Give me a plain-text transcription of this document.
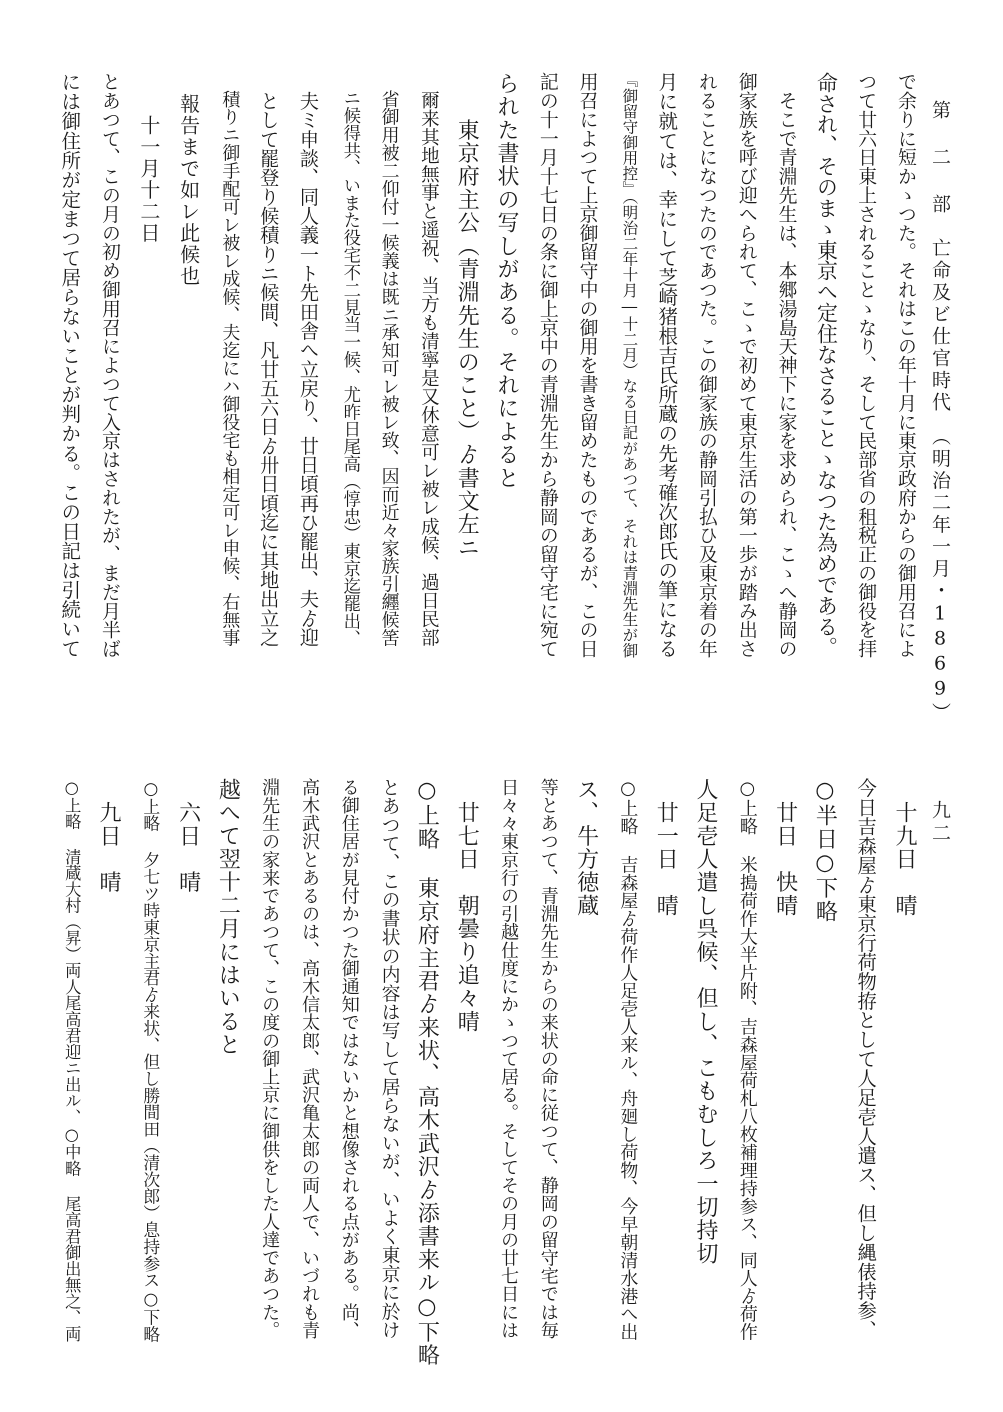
第 二 部　亡命及ビ仕官時代　（明治二年一月・1869）
九二
で余りに短かゝつた。それはこの年十月に東京政府からの御用召によ
つて廿六日東上されることゝなり、そして民部省の租税正の御役を拝
命され、そのまゝ東京へ定住なさることゝなつた為めである。
　そこで青淵先生は、本郷湯島天神下に家を求められ、こゝへ静岡の
御家族を呼び迎へられて、こゝで初めて東京生活の第一歩が踏み出さ
れることになつたのであつた。この御家族の静岡引払ひ及東京着の年
月に就ては、幸にして芝崎猪根吉氏所蔵の先考確次郎氏の筆になる
『御留守御用控』（明治二年十月―十二月）なる日記があつて、それは青淵先生が御
用召によつて上京御留守中の御用を書き留めたものであるが、この日
記の十一月十七日の条に御上京中の青淵先生から静岡の留守宅に宛て
られた書状の写しがある。それによると
　　東京府主公（青淵先生のこと）ゟ書文左ニ
　爾来其地無事と遥祝、当方も清寧是又休意可レ被レ成候、過日民部
　省御用被二仰付一候義は既ニ承知可レ被レ致、因而近々家族引纒候筈
　ニ候得共、いまた役宅不二見当一候、尤昨日尾高（惇忠）東京迄罷出、
　夫ミ申談、同人義一ト先田舎へ立戻り、廿日頃再ひ罷出、夫ゟ迎
　として罷登り候積りニ候間、凡廿五六日ゟ卅日頃迄に其地出立之
　積りニ御手配可レ被レ成候、夫迄にハ御役宅も相定可レ申候、右無事
　報告まで如レ此候也
　　十一月十二日
とあつて、この月の初め御用召によつて入京はされたが、まだ月半ば
には御住所が定まつて居らないことが判かる。この日記は引続いて
　十九日　晴
今日吉森屋ゟ東京行荷物拵として人足壱人遣ス、但し縄俵持参、
○半日○下略
　廿日　快晴
○上略 米搗荷作大半片附、吉森屋荷札八枚補理持参ス、同人ゟ荷作
人足壱人遣し呉候、但し、こもむしろ一切持切
　廿一日　晴
○上略 吉森屋ゟ荷作人足壱人来ル、舟廻し荷物、今早朝清水港へ出
ス、牛方徳蔵
等とあつて、青淵先生からの来状の命に従つて、静岡の留守宅では毎
日々々東京行の引越仕度にかゝつて居る。そしてその月の廿七日には
　廿七日　朝曇り追々晴
○上略 東京府主君ゟ来状、高木武沢ゟ添書来ル○下略
とあつて、この書状の内容は写して居らないが、いよく東京に於け
る御住居が見付かつた御通知ではないかと想像される点がある。尚、
高木武沢とあるのは、高木信太郎、武沢亀太郎の両人で、いづれも青
淵先生の家来であつて、この度の御上京に御供をした人達であつた。
越へて翌十二月にはいると
　六日　晴
○上略 夕七ツ時東京主君ゟ来状、但し勝間田（清次郎）息持参ス○下略
　九日　晴
○上略 清蔵大村（昇）両人尾高君迎ニ出ル、○中略 尾高君御出無之、両
